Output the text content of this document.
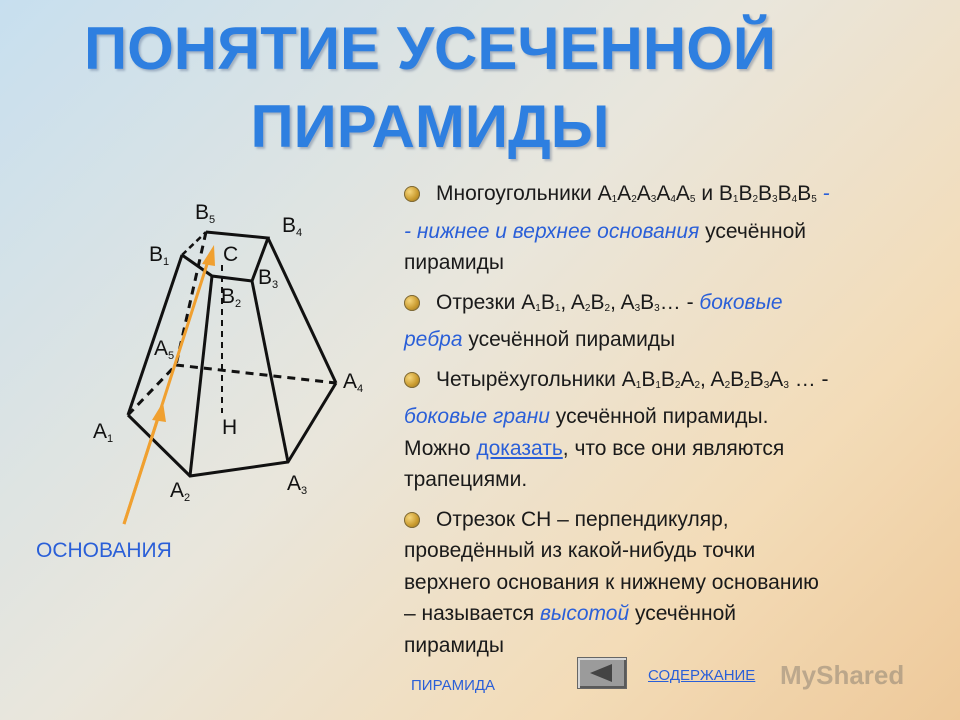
ПОНЯТИЕ УСЕЧЕННОЙ
ПИРАМИДЫ
B5	B4
B1	C
B3
B2
A5
A4
A1	H
A3
A2
ОСНОВАНИЯ
Многоугольники $A_1A_2A_3A_4A_5$ и $B_1B_2B_3B_4B_5$ -
- нижнее и верхнее основания усечённой
пирамиды
Отрезки $A_1B_1$, $A_2B_2$, $A_3B_3\dots$ - боковые
ребра усечённой пирамиды
Четырёхугольники $A_1B_1B_2A_2$, $A_2B_2B_3A_3$ … -
боковые грани усечённой пирамиды.
Можно доказать, что все они являются
трапециями.
Отрезок CH – перпендикуляр,
проведённый из какой-нибудь точки
верхнего основания к нижнему основанию
– называется высотой усечённой
пирамиды
ПИРАМИДА
СОДЕРЖАНИЕ MyShared
